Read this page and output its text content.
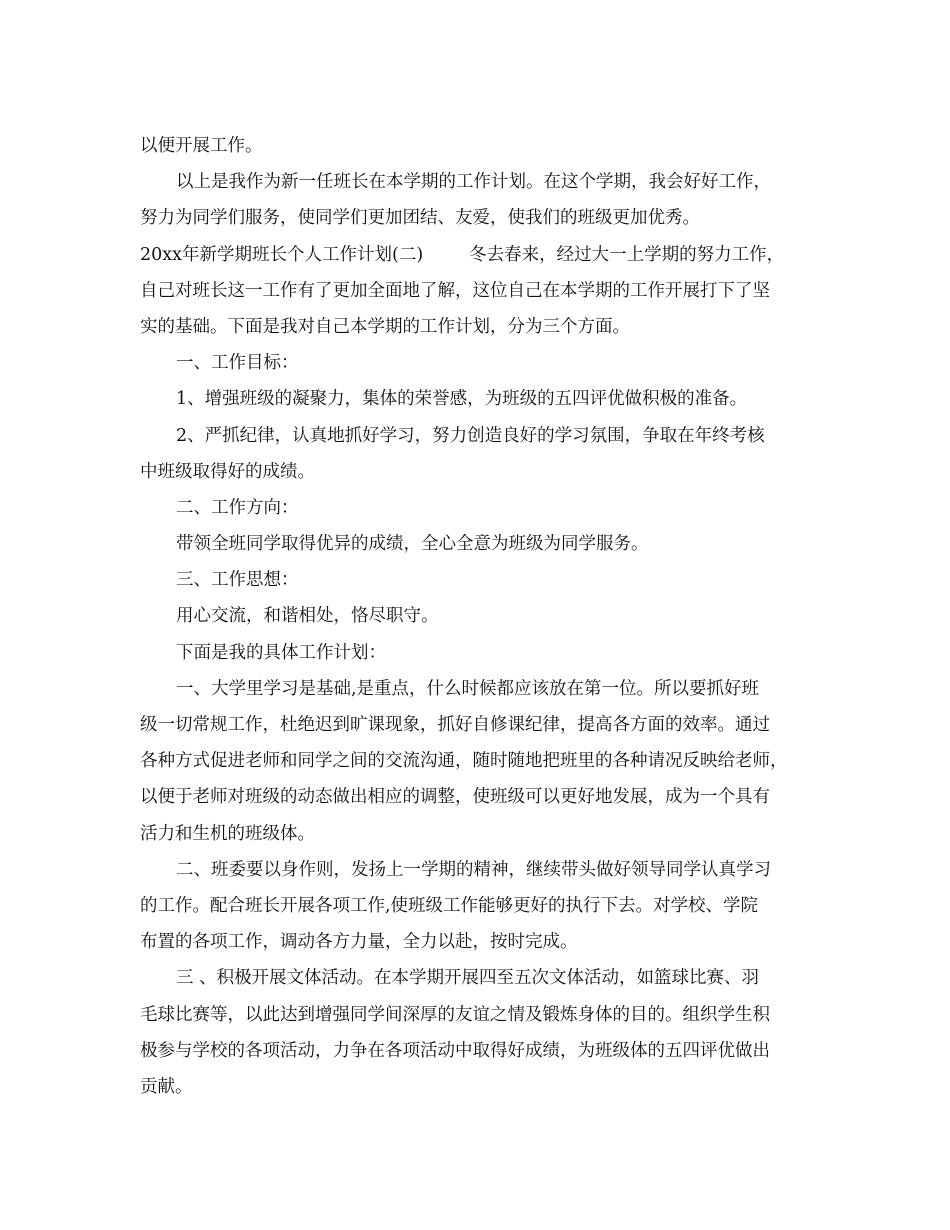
以便开展工作。
以上是我作为新一任班长在本学期的工作计划。在这个学期，我会好好工作，
努力为同学们服务，使同学们更加团结、友爱，使我们的班级更加优秀。
20xx年新学期班长个人工作计划(二)	冬去春来，经过大一上学期的努力工作，
自己对班长这一工作有了更加全面地了解，这位自己在本学期的工作开展打下了坚
实的基础。下面是我对自己本学期的工作计划，分为三个方面。
一、工作目标：
1、增强班级的凝聚力，集体的荣誉感，为班级的五四评优做积极的准备。
2、严抓纪律，认真地抓好学习，努力创造良好的学习氛围，争取在年终考核
中班级取得好的成绩。
二、工作方向：
带领全班同学取得优异的成绩，全心全意为班级为同学服务。
三、工作思想：
用心交流，和谐相处，恪尽职守。
下面是我的具体工作计划：
一、大学里学习是基础,是重点，什么时候都应该放在第一位。所以要抓好班
级一切常规工作，杜绝迟到旷课现象，抓好自修课纪律，提高各方面的效率。通过
各种方式促进老师和同学之间的交流沟通，随时随地把班里的各种请况反映给老师，
以便于老师对班级的动态做出相应的调整，使班级可以更好地发展，成为一个具有
活力和生机的班级体。
二、班委要以身作则，发扬上一学期的精神，继续带头做好领导同学认真学习
的工作。配合班长开展各项工作,使班级工作能够更好的执行下去。对学校、学院
布置的各项工作，调动各方力量，全力以赴，按时完成。
三 、积极开展文体活动。在本学期开展四至五次文体活动，如篮球比赛、羽
毛球比赛等，以此达到增强同学间深厚的友谊之情及锻炼身体的目的。组织学生积
极参与学校的各项活动，力争在各项活动中取得好成绩，为班级体的五四评优做出
贡献。
